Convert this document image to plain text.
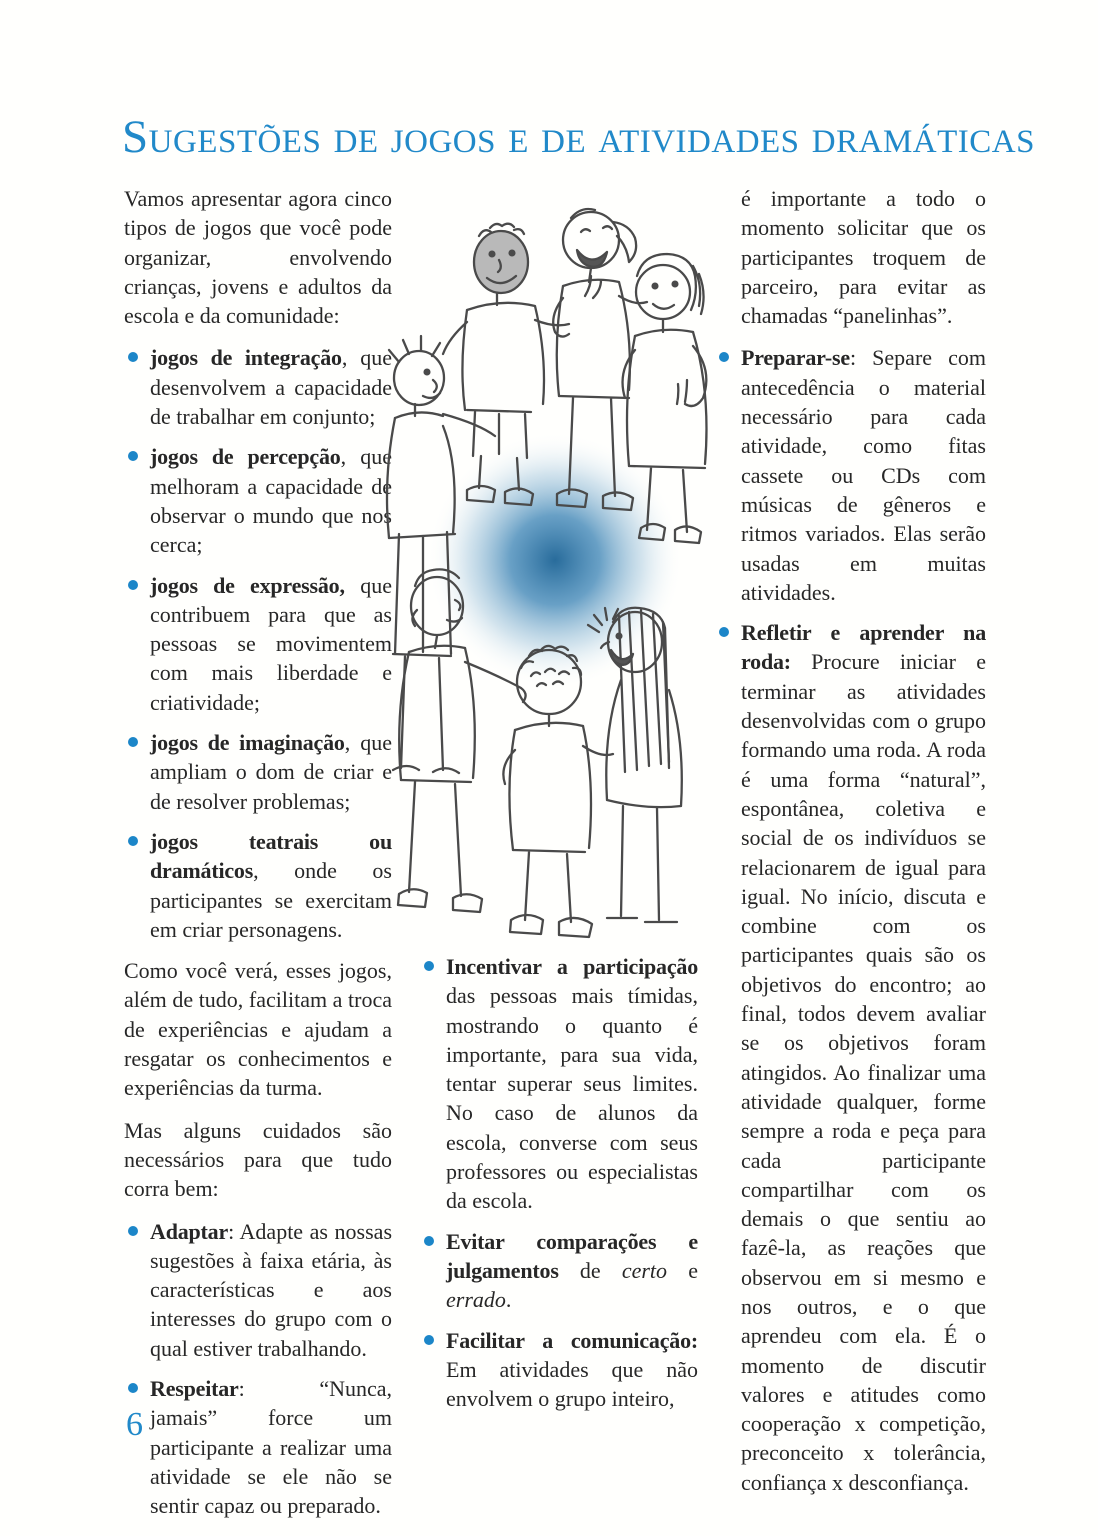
Sugestões de jogos e de atividades dramáticas

Vamos apresentar agora cinco tipos de jogos que você pode organizar, envolvendo crianças, jovens e adultos da escola e da comunidade:

jogos de integração, que desenvolvem a capacidade de trabalhar em conjunto;
jogos de percepção, que melhoram a capacidade de observar o mundo que nos cerca;
jogos de expressão, que contribuem para que as pessoas se movimentem com mais liberdade e criatividade;
jogos de imaginação, que ampliam o dom de criar e de resolver problemas;
jogos teatrais ou dramáticos, onde os participantes se exercitam em criar personagens.

Como você verá, esses jogos, além de tudo, facilitam a troca de experiências e ajudam a resgatar os conhecimentos e experiências da turma.

Mas alguns cuidados são necessários para que tudo corra bem:

Adaptar: Adapte as nossas sugestões à faixa etária, às características e aos interesses do grupo com o qual estiver trabalhando.
Respeitar: “Nunca, jamais” force um participante a realizar uma atividade se ele não se sentir capaz ou preparado.
Incentivar a participação das pessoas mais tímidas, mostrando o quanto é importante, para sua vida, tentar superar seus limites. No caso de alunos da escola, converse com seus professores ou especialistas da escola.
Evitar comparações e julgamentos de certo e errado.
Facilitar a comunicação: Em atividades que não envolvem o grupo inteiro,

é importante a todo o momento solicitar que os participantes troquem de parceiro, para evitar as chamadas “panelinhas”.

Preparar-se: Separe com antecedência o material necessário para cada atividade, como fitas cassete ou CDs com músicas de gêneros e ritmos variados. Elas serão usadas em muitas atividades.
Refletir e aprender na roda: Procure iniciar e terminar as atividades desenvolvidas com o grupo formando uma roda. A roda é uma forma “natural”, espontânea, coletiva e social de os indivíduos se relacionarem de igual para igual. No início, discuta e combine com os participantes quais são os objetivos do encontro; ao final, todos devem avaliar se os objetivos foram atingidos. Ao finalizar uma atividade qualquer, forme sempre a roda e peça para cada participante compartilhar com os demais o que sentiu ao fazê-la, as reações que observou em si mesmo e nos outros, e o que aprendeu com ela. É o momento de discutir valores e atitudes como cooperação x competição, preconceito x tolerância, confiança x desconfiança.
6
